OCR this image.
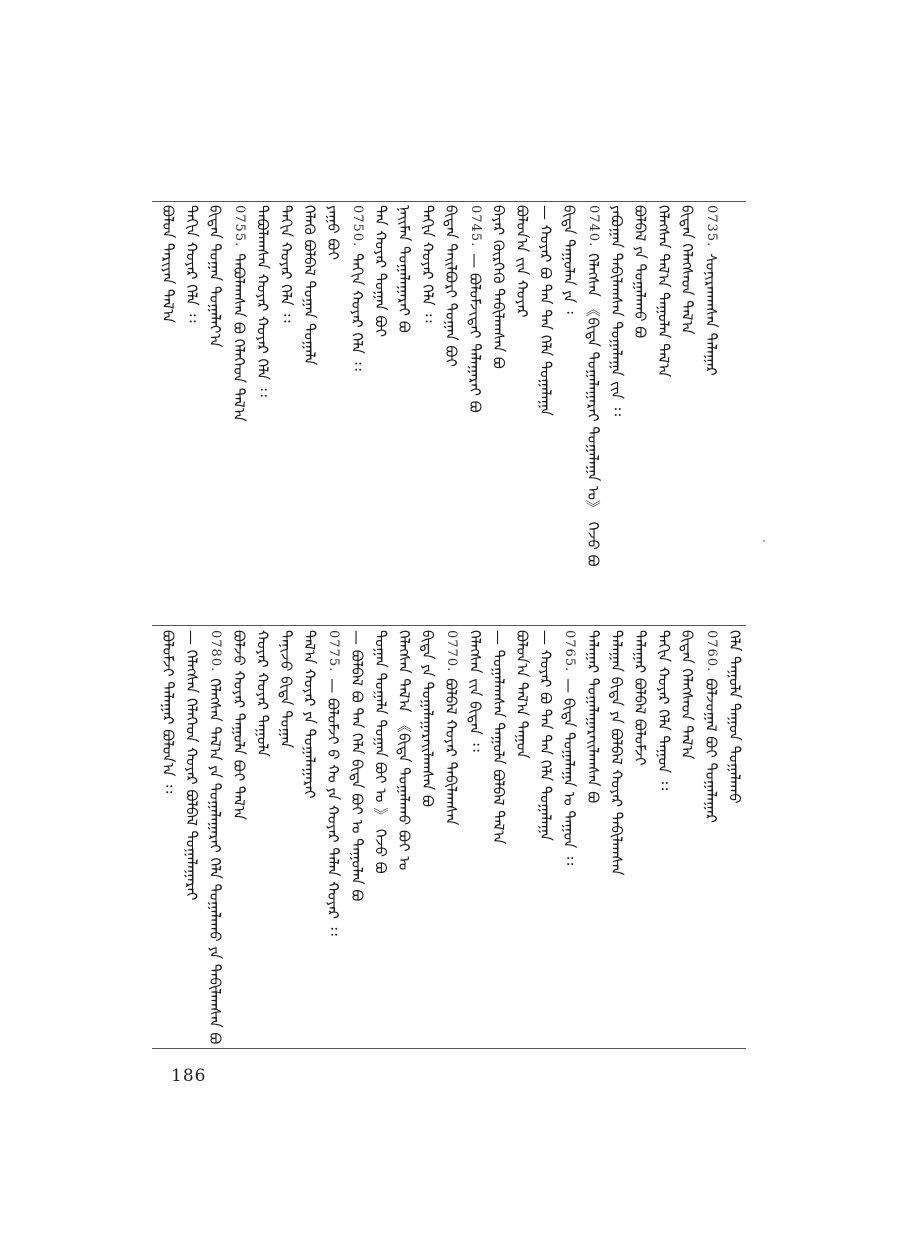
ᠪᠣᠯᠤᠨ ᠲᠠᠷᠢᠶᠠᠨ ᠲᠠᠯ᠎ᠠ ᠳᠠᠬᠢᠨ ᠬᠣᠶᠠᠷ ᠬᠡᠯᠡ ᠄᠄ ᠪᠢᠳᠡᠨ ᠲᠣᠭᠠᠨ ᠲᠣᠭᠠᠯᠠᠶ᠎ᠠ 0755.ᠲᠠᠪᠤᠯᠠᠭᠰᠠᠨ ᠪᠣ ᠬᠡᠯᠡᠭᠡᠳ ᠲᠠᠯ᠎ᠠ ᠲᠠᠪᠤᠯᠠᠭᠰᠠᠨ ᠬᠣᠶᠠᠷ ᠬᠣᠶᠠᠷ ᠬᠡᠯᠡ ᠄᠄ ᠳᠠᠬᠢᠨ ᠬᠣᠶᠠᠷ ᠬᠡᠯᠡ ᠄᠄ ᠬᠡᠯᠡᠬᠦ ᠪᠣᠯᠪᠠᠯ ᠲᠣᠭᠠᠨ ᠲᠣᠭᠠᠯᠠ ᠶᠠᠭᠤ ᠪᠤᠢ 0750.ᠳᠠᠬᠢᠨ ᠬᠣᠶᠠᠷ ᠬᠡᠯᠡ ᠄᠄ ᠲᠠᠨ ᠬᠣᠶᠠᠷ ᠲᠣᠭᠠᠨ ᠪᠣᠢ ᠨᠠᠢᠮᠠᠨ ᠲᠣᠭᠠᠯᠠᠭᠠᠷᠠᠢ ᠪᠣ ᠳᠠᠬᠢᠨ ᠬᠣᠶᠠᠷ ᠬᠡᠯᠡ ᠄᠄ ᠪᠢᠳᠡᠨ ᠲᠠᠢᠯᠪᠤᠷᠢ ᠲᠣᠭᠠᠨ ᠪᠣᠢ 0745.— ᠪᠣᠯᠣᠮᠵᠢᠲᠠᠢ ᠲᠠᠯᠠᠭᠠᠷᠠᠢ ᠪᠣ ᠪᠠᠶᠠᠷ ᠬᠦᠷᠭᠡᠬᠦ ᠲᠠᠪᠢᠯᠠᠭᠰᠠᠨ ᠪᠣ ᠪᠣᠯᠤᠨ᠎ᠠ ᠵᠢᠡ ᠬᠣᠶᠠᠷ — ᠬᠣᠶᠠᠷ ᠪᠣ ᠲᠠᠨ ᠲᠠᠨ ᠬᠡᠯᠡ ᠲᠣᠭᠠᠯᠠᠭᠠ ᠪᠢᠳᠡ ᠳᠠᠭᠤᠯᠠᠨ ᠶᠠ ᠄ 0740.ᠬᠡᠯᠡᠭᠰᠡᠨ 《ᠪᠢᠳᠡ ᠲᠣᠭᠠᠯᠠᠭᠠᠷᠠᠢ ᠲᠣᠭᠠᠯᠠᠭᠠ ᠡᠤ᠋》 ᠭᠡᠵᠦ ᠪᠣ ᠶᠠᠪᠤᠭᠠᠨ ᠲᠠᠪᠢᠯᠠᠭᠰᠠᠨ ᠲᠣᠭᠠᠯᠠᠭᠠ ᠵᠢᠡ ᠄᠄ ᠪᠣᠯᠪᠠᠯ ᠶᠠ ᠲᠣᠭᠠᠯᠠᠬᠤ ᠪᠣ ᠬᠡᠯᠡᠭᠰᠡᠨ ᠲᠠᠯ᠎ᠠ ᠳᠠᠭᠤᠯᠠᠨ ᠲᠠᠯ᠎ᠠ ᠪᠢᠳᠡᠨ ᠬᠡᠯᠡᠭᠰᠡᠳ ᠲᠠᠯ᠎ᠠ 0735.ᠰᠣᠨᠢᠷᠬᠠᠭᠰᠠᠨ ᠲᠠᠯᠠᠭᠠᠷ
ᠪᠣᠯᠤᠮᠵᠢ ᠲᠠᠯᠠᠭᠠᠷ ᠪᠣᠯᠤᠨ᠎ᠠ ᠄᠄ — ᠬᠡᠯᠡᠭᠰᠡᠨ ᠬᠡᠯᠡᠭᠡᠳ ᠬᠣᠶᠠᠷ ᠪᠣᠯᠪᠠᠯ ᠲᠣᠭᠠᠯᠠᠭᠠᠷᠠᠢ 0780.ᠬᠡᠯᠡᠭᠰᠡᠨ ᠲᠠᠯ᠎ᠠ ᠶᠠ ᠲᠣᠭᠠᠯᠠᠭᠠᠷᠠᠢ ᠬᠡᠯᠡ ᠲᠣᠭᠠᠯᠠᠬᠤ ᠶᠠ ᠲᠠᠪᠢᠯᠠᠭᠰᠠᠨ ᠪᠣ ᠪᠣᠯᠵᠤ ᠬᠣᠶᠠᠷ ᠲᠠᠭᠤᠯᠠ ᠪᠣᠢ ᠲᠠᠯ᠎ᠠ ᠬᠣᠶᠠᠷ ᠬᠣᠶᠠᠷ ᠲᠠᠭᠤᠯᠠ ᠲᠠᠨᠢᠵᠤ ᠪᠢᠳᠡ ᠲᠣᠭᠠᠨ ᠲᠠᠯ᠎ᠠ ᠬᠣᠶᠠᠷ ᠶᠠ ᠲᠣᠭᠠᠯᠠᠭᠠᠷᠠᠢ 0775.— ᠪᠣᠯᠤᠮᠵᠢ ᠪ ᠬᠣ ᠶᠠ ᠬᠣᠶᠠᠷ ᠲᠠᠯᠠᠨ ᠬᠣᠶᠠᠷ ᠄᠄ — ᠪᠣᠯᠪᠠᠯ ᠪᠣ ᠲᠠᠨ ᠬᠡᠯᠡ ᠪᠢᠳᠡ ᠪᠣᠢ ᠡᠤ᠋ ᠳᠠᠭᠤᠯᠠᠨ ᠪᠣ ᠲᠣᠭᠠᠨ ᠲᠣᠭᠠᠯᠠ ᠲᠣᠭᠠᠨ ᠪᠣᠢ ᠡᠤ᠋ 》 ᠭᠡᠵᠦ ᠪᠣ ᠬᠡᠯᠡᠭᠰᠡᠨ ᠲᠠᠯ᠎ᠠ 《ᠪᠢᠳᠡ ᠲᠣᠭᠠᠯᠠᠬᠤ ᠪᠣᠢ ᠡᠤ᠋ ᠪᠢᠳᠡ ᠶᠠ ᠲᠣᠭᠠᠯᠠᠭᠠᠷᠠᠢᠯᠠᠭᠰᠠᠨ ᠪᠣ 0770.ᠪᠣᠯᠪᠠᠯ ᠬᠣᠶᠠᠷ ᠲᠠᠪᠢᠯᠠᠭᠰᠠᠨ ᠬᠡᠯᠡᠭᠰᠡᠨ ᠵᠢᠡ ᠪᠢᠳᠡᠨ ᠄᠄ — ᠲᠣᠭᠠᠯᠠᠭᠰᠠᠨ ᠲᠠᠭᠤᠯᠠ ᠪᠣᠯᠪᠠᠯ ᠲᠠᠯ᠎ᠠ ᠪᠣᠯᠤᠨ᠎ᠠ ᠲᠠᠯ᠎ᠠ ᠳᠠᠭᠤᠨ — ᠬᠣᠶᠠᠷ ᠪᠣ ᠲᠠᠨ ᠲᠠᠨ ᠬᠡᠯᠡ ᠲᠣᠭᠠᠯᠠᠭᠠ 0765.— ᠪᠢᠳᠡ ᠲᠣᠭᠠᠯᠠᠭᠠ ᠡᠤ᠋ ᠳᠠᠭᠤᠨ ᠄᠄ ᠲᠠᠯᠠᠭᠠᠷ ᠲᠣᠭᠠᠯᠠᠭᠠᠷᠠᠢᠯᠠᠭᠰᠠᠨ ᠪᠣ ᠲᠠᠯᠠᠭᠠᠨ ᠪᠢᠳᠡ ᠶᠠ ᠪᠣᠯᠪᠠᠯ ᠬᠣᠶᠠᠷ ᠲᠠᠪᠢᠯᠠᠭᠰᠠᠨ ᠲᠠᠯᠠᠭᠠᠷ ᠪᠣᠯᠪᠠᠯ ᠪᠣᠯᠤᠮᠵᠢ ᠳᠠᠬᠢᠨ ᠬᠣᠶᠠᠷ ᠬᠡᠯᠡ ᠳᠠᠭᠤᠨ ᠄᠄ ᠪᠢᠳᠡᠨ ᠬᠡᠯᠡᠭᠰᠡᠳ ᠲᠠᠯ᠎ᠠ 0760.ᠪᠣᠯᠵᠤᠭᠠᠯ ᠪᠣᠢ ᠲᠣᠭᠠᠯᠠᠭᠠᠷ ᠬᠡᠯᠡ ᠲᠠᠭᠤᠯᠠ ᠲᠠᠭᠤᠨ ᠲᠣᠭᠠᠯᠠᠬᠤ
186
